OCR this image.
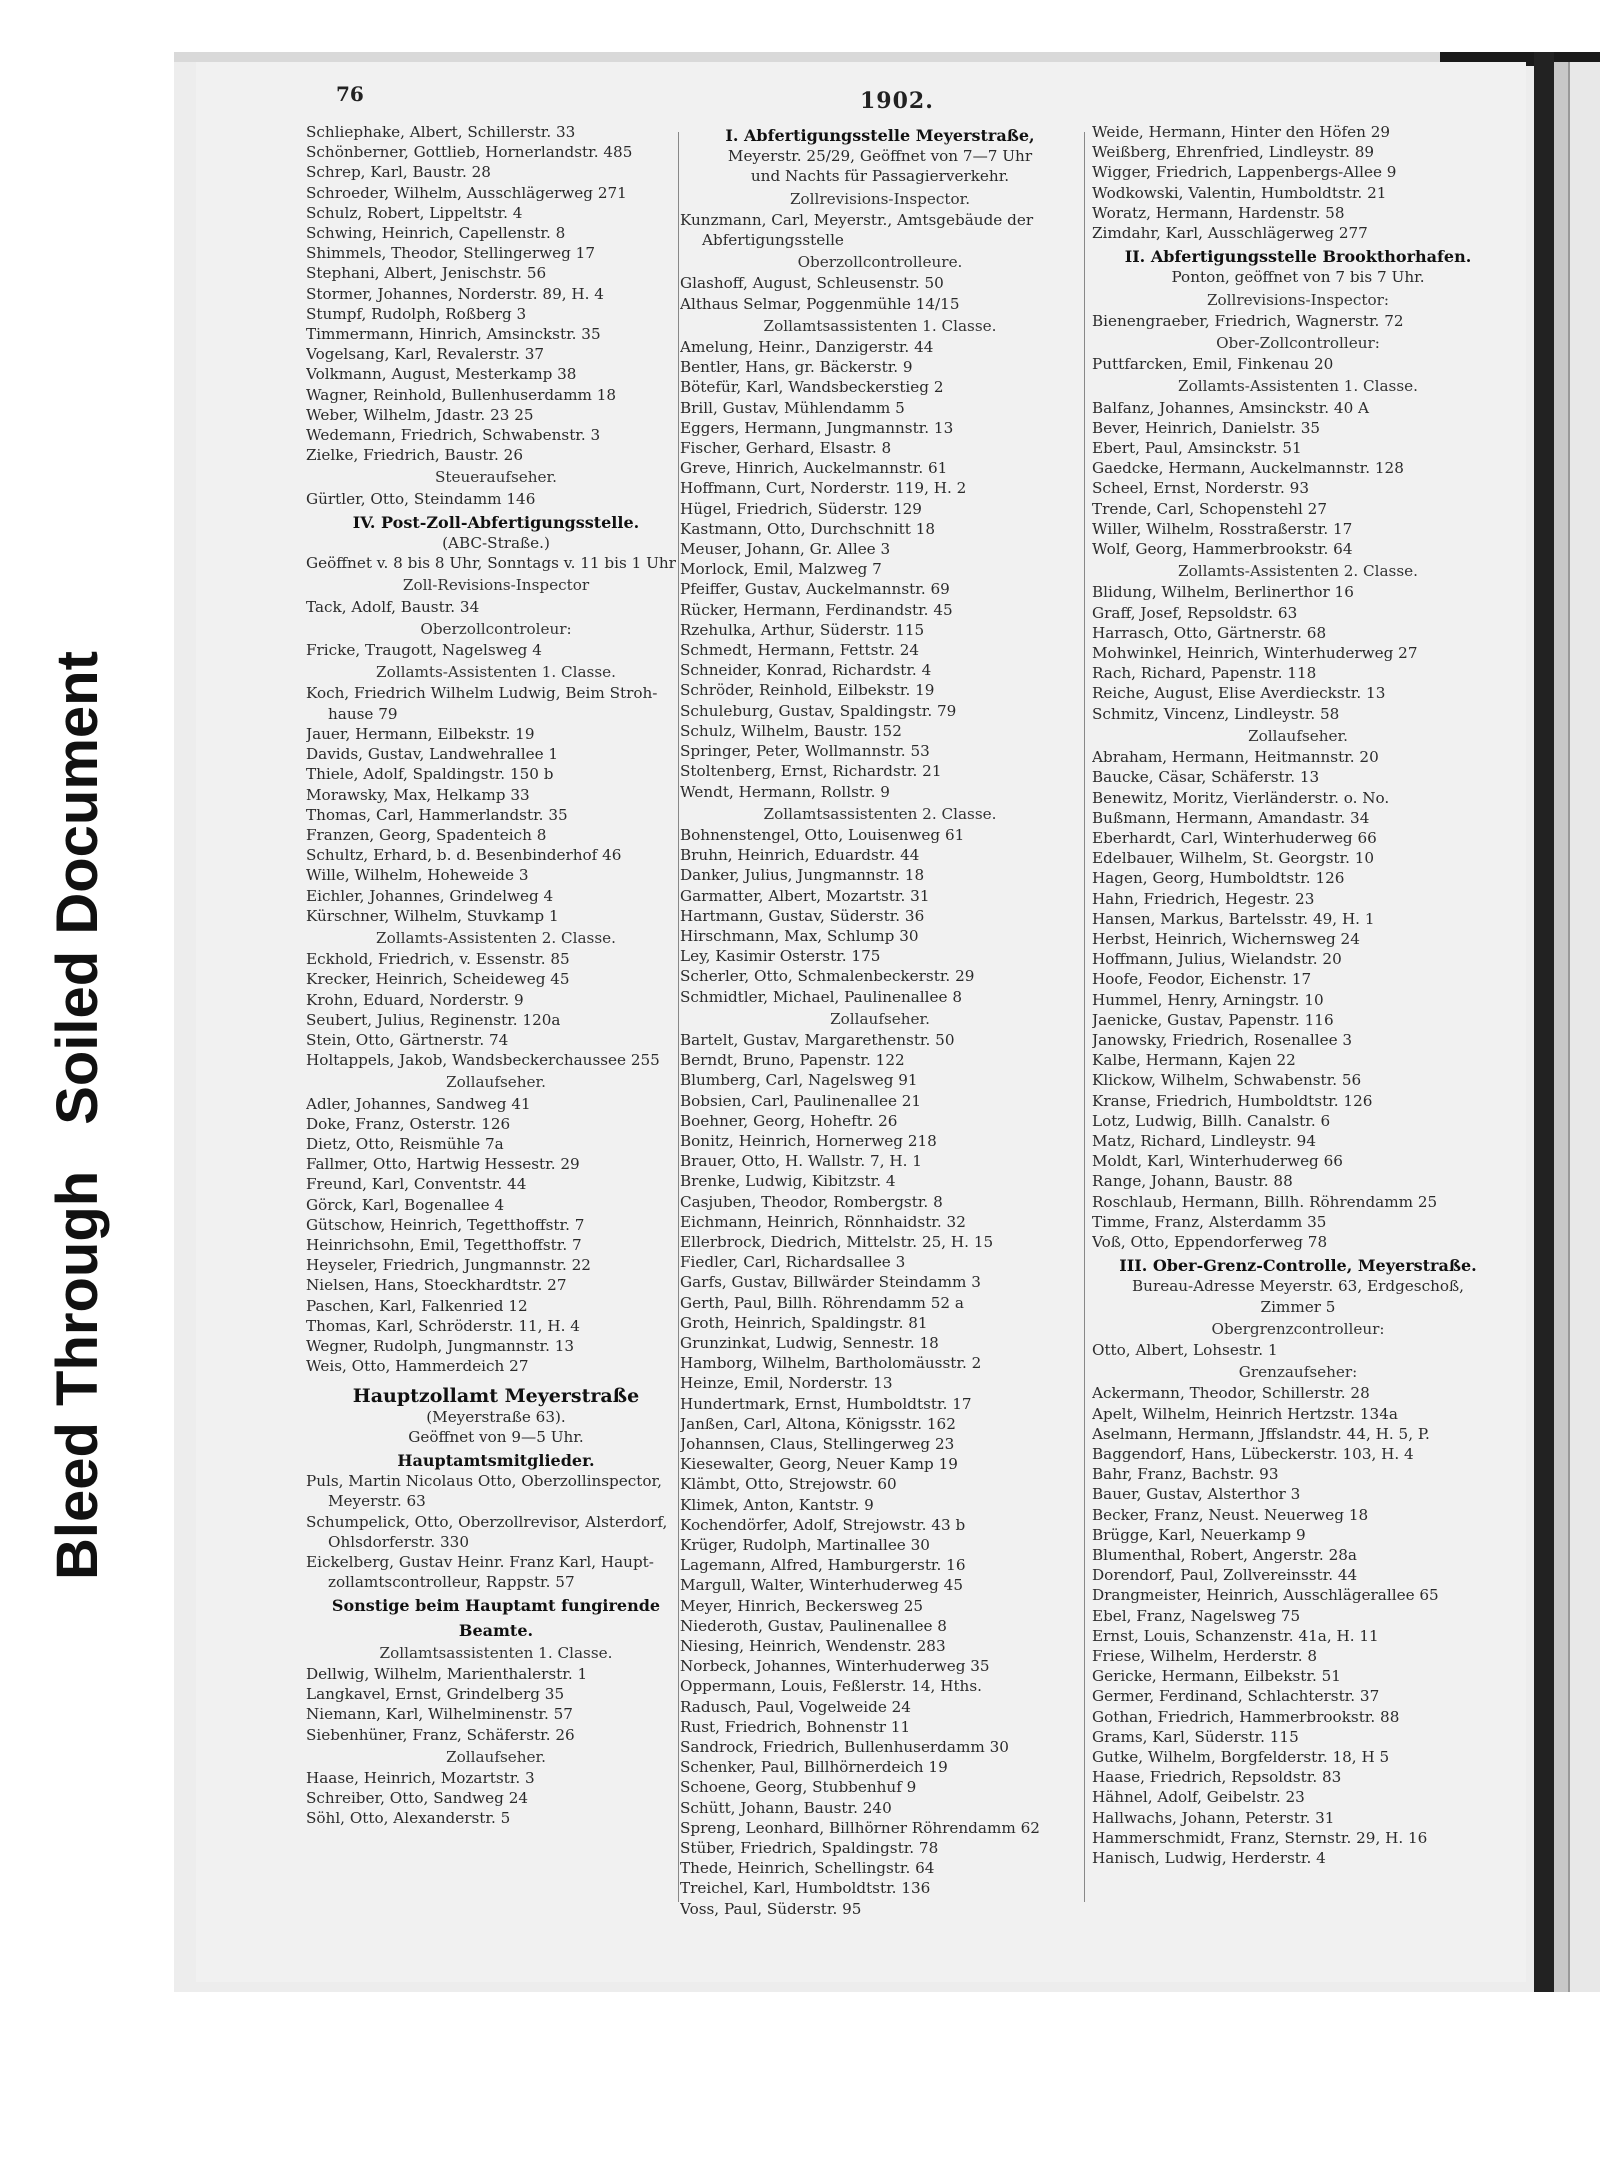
Bleed Through
Soiled Document
76	1902.
Schliephake, Albert, Schillerstr. 33
Schönberner, Gottlieb, Hornerlandstr. 485
Schrep, Karl, Baustr. 28
Schroeder, Wilhelm, Ausschlägerweg 271
Schulz, Robert, Lippeltstr. 4
Schwing, Heinrich, Capellenstr. 8
Shimmels, Theodor, Stellingerweg 17
Stephani, Albert, Jenischstr. 56
Stormer, Johannes, Norderstr. 89, H. 4
Stumpf, Rudolph, Roßberg 3
Timmermann, Hinrich, Amsinckstr. 35
Vogelsang, Karl, Revalerstr. 37
Volkmann, August, Mesterkamp 38
Wagner, Reinhold, Bullenhuserdamm 18
Weber, Wilhelm, Jdastr. 23 25
Wedemann, Friedrich, Schwabenstr. 3
Zielke, Friedrich, Baustr. 26
Steueraufseher.
Gürtler, Otto, Steindamm 146
IV. Post-Zoll-Abfertigungsstelle.
(ABC-Straße.)
Geöffnet v. 8 bis 8 Uhr, Sonntags v. 11 bis 1 Uhr
Zoll-Revisions-Inspector
Tack, Adolf, Baustr. 34
Oberzollcontroleur:
Fricke, Traugott, Nagelsweg 4
Zollamts-Assistenten 1. Classe.
Koch, Friedrich Wilhelm Ludwig, Beim Stroh-
hause 79
Jauer, Hermann, Eilbekstr. 19
Davids, Gustav, Landwehrallee 1
Thiele, Adolf, Spaldingstr. 150 b
Morawsky, Max, Helkamp 33
Thomas, Carl, Hammerlandstr. 35
Franzen, Georg, Spadenteich 8
Schultz, Erhard, b. d. Besenbinderhof 46
Wille, Wilhelm, Hoheweide 3
Eichler, Johannes, Grindelweg 4
Kürschner, Wilhelm, Stuvkamp 1
Zollamts-Assistenten 2. Classe.
Eckhold, Friedrich, v. Essenstr. 85
Krecker, Heinrich, Scheideweg 45
Krohn, Eduard, Norderstr. 9
Seubert, Julius, Reginenstr. 120a
Stein, Otto, Gärtnerstr. 74
Holtappels, Jakob, Wandsbeckerchaussee 255
Zollaufseher.
Adler, Johannes, Sandweg 41
Doke, Franz, Osterstr. 126
Dietz, Otto, Reismühle 7a
Fallmer, Otto, Hartwig Hessestr. 29
Freund, Karl, Conventstr. 44
Görck, Karl, Bogenallee 4
Gütschow, Heinrich, Tegetthoffstr. 7
Heinrichsohn, Emil, Tegetthoffstr. 7
Heyseler, Friedrich, Jungmannstr. 22
Nielsen, Hans, Stoeckhardtstr. 27
Paschen, Karl, Falkenried 12
Thomas, Karl, Schröderstr. 11, H. 4
Wegner, Rudolph, Jungmannstr. 13
Weis, Otto, Hammerdeich 27
Hauptzollamt Meyerstraße
(Meyerstraße 63).
Geöffnet von 9—5 Uhr.
Hauptamtsmitglieder.
Puls, Martin Nicolaus Otto, Oberzollinspector,
Meyerstr. 63
Schumpelick, Otto, Oberzollrevisor, Alsterdorf,
Ohlsdorferstr. 330
Eickelberg, Gustav Heinr. Franz Karl, Haupt-
zollamtscontrolleur, Rappstr. 57
Sonstige beim Hauptamt fungirende
Beamte.
Zollamtsassistenten 1. Classe.
Dellwig, Wilhelm, Marienthalerstr. 1
Langkavel, Ernst, Grindelberg 35
Niemann, Karl, Wilhelminenstr. 57
Siebenhüner, Franz, Schäferstr. 26
Zollaufseher.
Haase, Heinrich, Mozartstr. 3
Schreiber, Otto, Sandweg 24
Söhl, Otto, Alexanderstr. 5
I. Abfertigungsstelle Meyerstraße,
Meyerstr. 25/29, Geöffnet von 7—7 Uhr
und Nachts für Passagierverkehr.
Zollrevisions-Inspector.
Kunzmann, Carl, Meyerstr., Amtsgebäude der
Abfertigungsstelle
Oberzollcontrolleure.
Glashoff, August, Schleusenstr. 50
Althaus Selmar, Poggenmühle 14/15
Zollamtsassistenten 1. Classe.
Amelung, Heinr., Danzigerstr. 44
Bentler, Hans, gr. Bäckerstr. 9
Bötefür, Karl, Wandsbeckerstieg 2
Brill, Gustav, Mühlendamm 5
Eggers, Hermann, Jungmannstr. 13
Fischer, Gerhard, Elsastr. 8
Greve, Hinrich, Auckelmannstr. 61
Hoffmann, Curt, Norderstr. 119, H. 2
Hügel, Friedrich, Süderstr. 129
Kastmann, Otto, Durchschnitt 18
Meuser, Johann, Gr. Allee 3
Morlock, Emil, Malzweg 7
Pfeiffer, Gustav, Auckelmannstr. 69
Rücker, Hermann, Ferdinandstr. 45
Rzehulka, Arthur, Süderstr. 115
Schmedt, Hermann, Fettstr. 24
Schneider, Konrad, Richardstr. 4
Schröder, Reinhold, Eilbekstr. 19
Schuleburg, Gustav, Spaldingstr. 79
Schulz, Wilhelm, Baustr. 152
Springer, Peter, Wollmannstr. 53
Stoltenberg, Ernst, Richardstr. 21
Wendt, Hermann, Rollstr. 9
Zollamtsassistenten 2. Classe.
Bohnenstengel, Otto, Louisenweg 61
Bruhn, Heinrich, Eduardstr. 44
Danker, Julius, Jungmannstr. 18
Garmatter, Albert, Mozartstr. 31
Hartmann, Gustav, Süderstr. 36
Hirschmann, Max, Schlump 30
Ley, Kasimir Osterstr. 175
Scherler, Otto, Schmalenbeckerstr. 29
Schmidtler, Michael, Paulinenallee 8
Zollaufseher.
Bartelt, Gustav, Margarethenstr. 50
Berndt, Bruno, Papenstr. 122
Blumberg, Carl, Nagelsweg 91
Bobsien, Carl, Paulinenallee 21
Boehner, Georg, Hoheftr. 26
Bonitz, Heinrich, Hornerweg 218
Brauer, Otto, H. Wallstr. 7, H. 1
Brenke, Ludwig, Kibitzstr. 4
Casjuben, Theodor, Rombergstr. 8
Eichmann, Heinrich, Rönnhaidstr. 32
Ellerbrock, Diedrich, Mittelstr. 25, H. 15
Fiedler, Carl, Richardsallee 3
Garfs, Gustav, Billwärder Steindamm 3
Gerth, Paul, Billh. Röhrendamm 52 a
Groth, Heinrich, Spaldingstr. 81
Grunzinkat, Ludwig, Sennestr. 18
Hamborg, Wilhelm, Bartholomäusstr. 2
Heinze, Emil, Norderstr. 13
Hundertmark, Ernst, Humboldtstr. 17
Janßen, Carl, Altona, Königsstr. 162
Johannsen, Claus, Stellingerweg 23
Kiesewalter, Georg, Neuer Kamp 19
Klämbt, Otto, Strejowstr. 60
Klimek, Anton, Kantstr. 9
Kochendörfer, Adolf, Strejowstr. 43 b
Krüger, Rudolph, Martinallee 30
Lagemann, Alfred, Hamburgerstr. 16
Margull, Walter, Winterhuderweg 45
Meyer, Hinrich, Beckersweg 25
Niederoth, Gustav, Paulinenallee 8
Niesing, Heinrich, Wendenstr. 283
Norbeck, Johannes, Winterhuderweg 35
Oppermann, Louis, Feßlerstr. 14, Hths.
Radusch, Paul, Vogelweide 24
Rust, Friedrich, Bohnenstr 11
Sandrock, Friedrich, Bullenhuserdamm 30
Schenker, Paul, Billhörnerdeich 19
Schoene, Georg, Stubbenhuf 9
Schütt, Johann, Baustr. 240
Spreng, Leonhard, Billhörner Röhrendamm 62
Stüber, Friedrich, Spaldingstr. 78
Thede, Heinrich, Schellingstr. 64
Treichel, Karl, Humboldtstr. 136
Voss, Paul, Süderstr. 95
Weide, Hermann, Hinter den Höfen 29
Weißberg, Ehrenfried, Lindleystr. 89
Wigger, Friedrich, Lappenbergs-Allee 9
Wodkowski, Valentin, Humboldtstr. 21
Woratz, Hermann, Hardenstr. 58
Zimdahr, Karl, Ausschlägerweg 277
II. Abfertigungsstelle Brookthorhafen.
Ponton, geöffnet von 7 bis 7 Uhr.
Zollrevisions-Inspector:
Bienengraeber, Friedrich, Wagnerstr. 72
Ober-Zollcontrolleur:
Puttfarcken, Emil, Finkenau 20
Zollamts-Assistenten 1. Classe.
Balfanz, Johannes, Amsinckstr. 40 A
Bever, Heinrich, Danielstr. 35
Ebert, Paul, Amsinckstr. 51
Gaedcke, Hermann, Auckelmannstr. 128
Scheel, Ernst, Norderstr. 93
Trende, Carl, Schopenstehl 27
Willer, Wilhelm, Rosstraßerstr. 17
Wolf, Georg, Hammerbrookstr. 64
Zollamts-Assistenten 2. Classe.
Blidung, Wilhelm, Berlinerthor 16
Graff, Josef, Repsoldstr. 63
Harrasch, Otto, Gärtnerstr. 68
Mohwinkel, Heinrich, Winterhuderweg 27
Rach, Richard, Papenstr. 118
Reiche, August, Elise Averdieckstr. 13
Schmitz, Vincenz, Lindleystr. 58
Zollaufseher.
Abraham, Hermann, Heitmannstr. 20
Baucke, Cäsar, Schäferstr. 13
Benewitz, Moritz, Vierländerstr. o. No.
Bußmann, Hermann, Amandastr. 34
Eberhardt, Carl, Winterhuderweg 66
Edelbauer, Wilhelm, St. Georgstr. 10
Hagen, Georg, Humboldtstr. 126
Hahn, Friedrich, Hegestr. 23
Hansen, Markus, Bartelsstr. 49, H. 1
Herbst, Heinrich, Wichernsweg 24
Hoffmann, Julius, Wielandstr. 20
Hoofe, Feodor, Eichenstr. 17
Hummel, Henry, Arningstr. 10
Jaenicke, Gustav, Papenstr. 116
Janowsky, Friedrich, Rosenallee 3
Kalbe, Hermann, Kajen 22
Klickow, Wilhelm, Schwabenstr. 56
Kranse, Friedrich, Humboldtstr. 126
Lotz, Ludwig, Billh. Canalstr. 6
Matz, Richard, Lindleystr. 94
Moldt, Karl, Winterhuderweg 66
Range, Johann, Baustr. 88
Roschlaub, Hermann, Billh. Röhrendamm 25
Timme, Franz, Alsterdamm 35
Voß, Otto, Eppendorferweg 78
III. Ober-Grenz-Controlle, Meyerstraße.
Bureau-Adresse Meyerstr. 63, Erdgeschoß,
Zimmer 5
Obergrenzcontrolleur:
Otto, Albert, Lohsestr. 1
Grenzaufseher:
Ackermann, Theodor, Schillerstr. 28
Apelt, Wilhelm, Heinrich Hertzstr. 134a
Aselmann, Hermann, Jffslandstr. 44, H. 5, P.
Baggendorf, Hans, Lübeckerstr. 103, H. 4
Bahr, Franz, Bachstr. 93
Bauer, Gustav, Alsterthor 3
Becker, Franz, Neust. Neuerweg 18
Brügge, Karl, Neuerkamp 9
Blumenthal, Robert, Angerstr. 28a
Dorendorf, Paul, Zollvereinsstr. 44
Drangmeister, Heinrich, Ausschlägerallee 65
Ebel, Franz, Nagelsweg 75
Ernst, Louis, Schanzenstr. 41a, H. 11
Friese, Wilhelm, Herderstr. 8
Gericke, Hermann, Eilbekstr. 51
Germer, Ferdinand, Schlachterstr. 37
Gothan, Friedrich, Hammerbrookstr. 88
Grams, Karl, Süderstr. 115
Gutke, Wilhelm, Borgfelderstr. 18, H 5
Haase, Friedrich, Repsoldstr. 83
Hähnel, Adolf, Geibelstr. 23
Hallwachs, Johann, Peterstr. 31
Hammerschmidt, Franz, Sternstr. 29, H. 16
Hanisch, Ludwig, Herderstr. 4
